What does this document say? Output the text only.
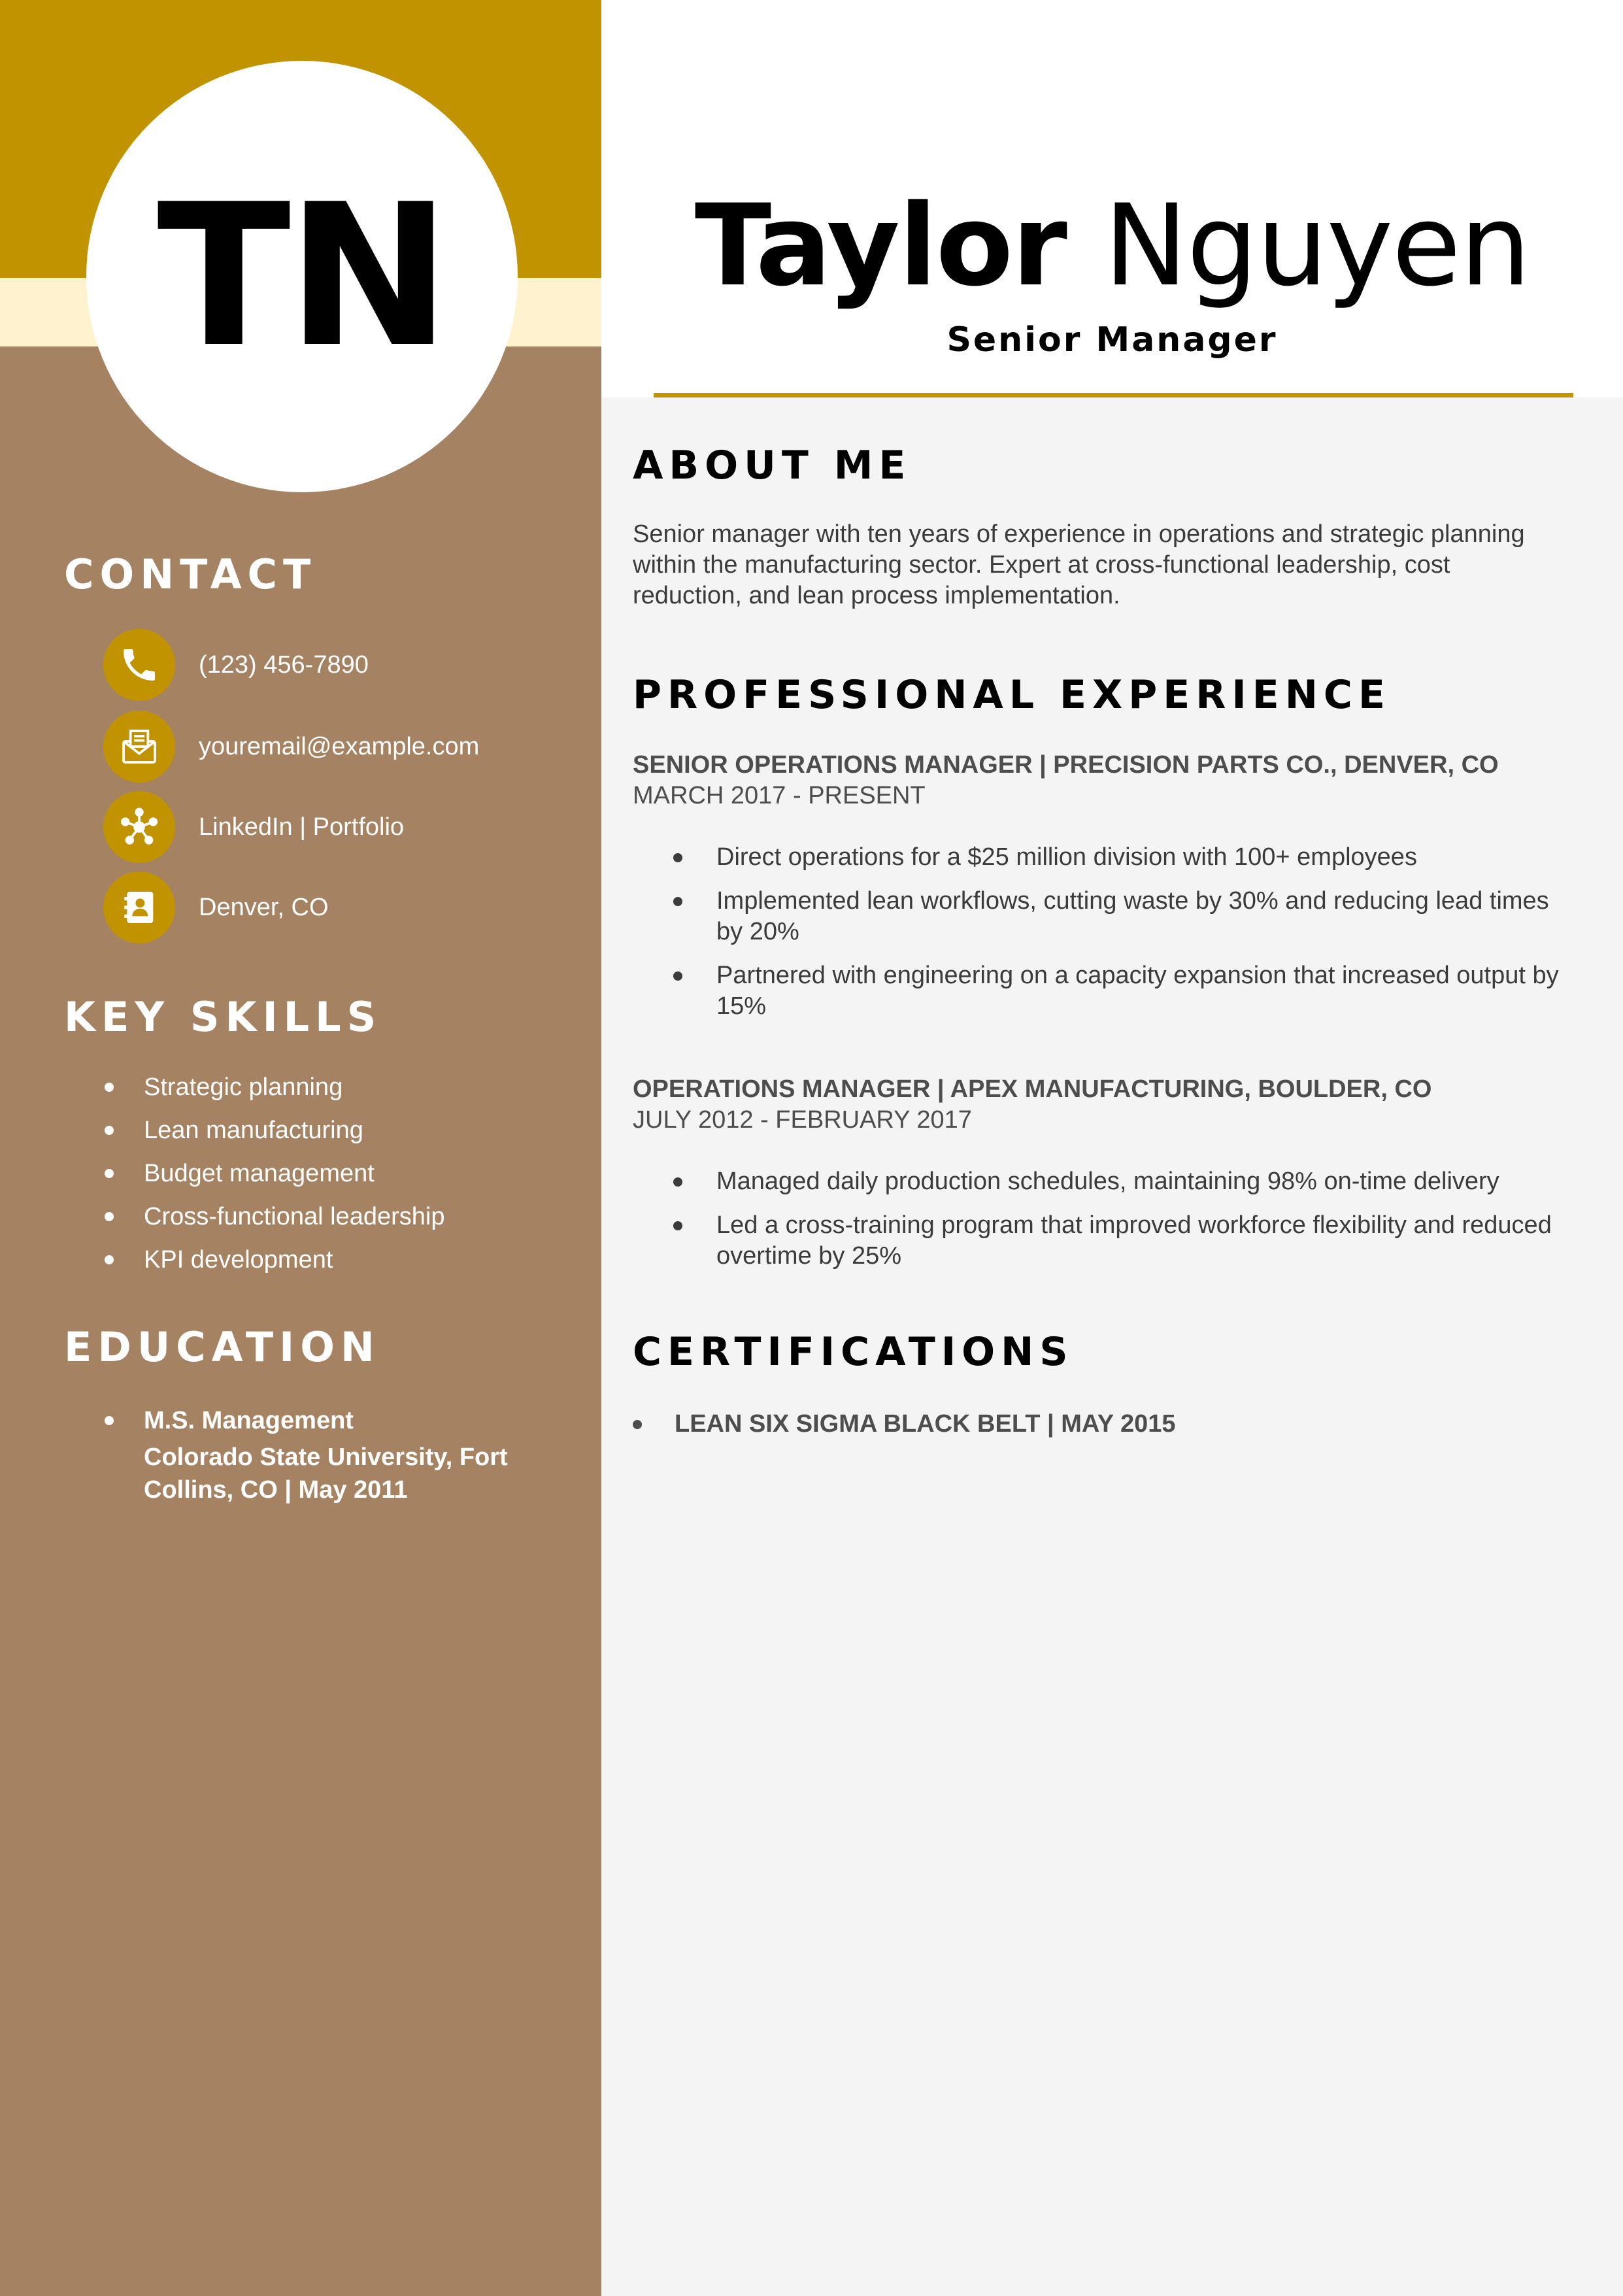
TN
CONTACT
(123) 456-7890
youremail@example.com
LinkedIn | Portfolio
Denver, CO
KEY SKILLS
Strategic planning
Lean manufacturing
Budget management
Cross-functional leadership
KPI development
EDUCATION
M.S. Management
Colorado State University, Fort Collins, CO | May 2011
Taylor Nguyen
Senior Manager
ABOUT ME

Senior manager with ten years of experience in operations and strategic planning within the manufacturing sector. Expert at cross-functional leadership, cost reduction, and lean process implementation.

PROFESSIONAL EXPERIENCE
SENIOR OPERATIONS MANAGER | PRECISION PARTS CO., DENVER, CO
MARCH 2017 - PRESENT
Direct operations for a $25 million division with 100+ employees
Implemented lean workflows, cutting waste by 30% and reducing lead times by 20%
Partnered with engineering on a capacity expansion that increased output by 15%
OPERATIONS MANAGER | APEX MANUFACTURING, BOULDER, CO
JULY 2012 - FEBRUARY 2017
Managed daily production schedules, maintaining 98% on-time delivery
Led a cross-training program that improved workforce flexibility and reduced overtime by 25%
CERTIFICATIONS
LEAN SIX SIGMA BLACK BELT | MAY 2015
